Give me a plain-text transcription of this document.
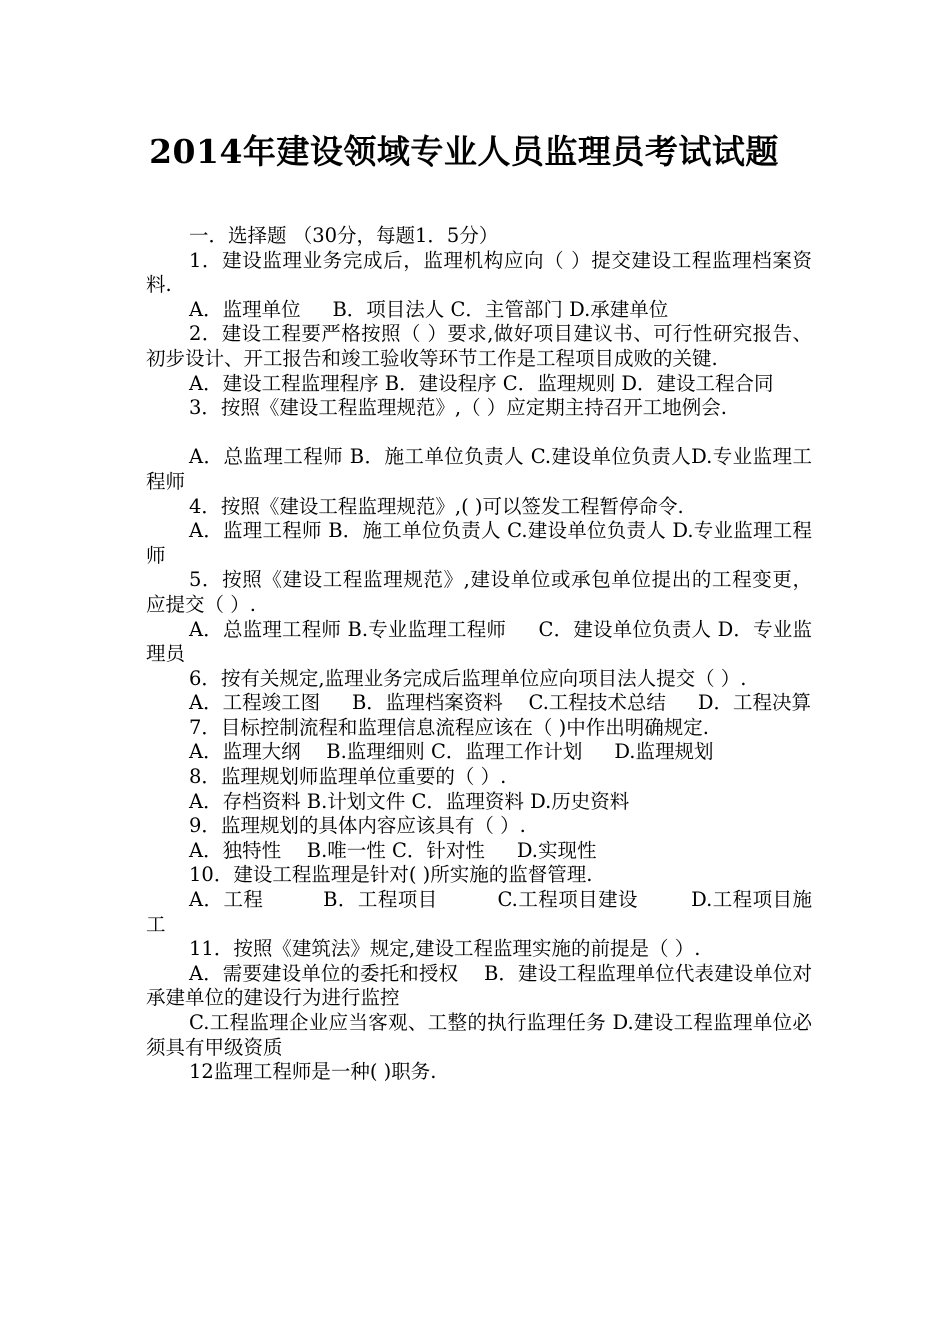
2014年建设领域专业人员监理员考试试题

一．选择题 （30分，每题1．5分）

1．建设监理业务完成后，监理机构应向（ ）提交建设工程监理档案资料.

A．监理单位 　 B．项目法人 C．主管部门 D.承建单位

2．建设工程要严格按照（ ）要求,做好项目建议书、可行性研究报告、初步设计、开工报告和竣工验收等环节工作是工程项目成败的关键.

A．建设工程监理程序 B．建设程序 C．监理规则 D．建设工程合同

3．按照《建设工程监理规范》,（ ）应定期主持召开工地例会.

A．总监理工程师 B．施工单位负责人 C.建设单位负责人D.专业监理工程师

4．按照《建设工程监理规范》,( )可以签发工程暂停命令.

A．监理工程师 B．施工单位负责人 C.建设单位负责人 D.专业监理工程师

5．按照《建设工程监理规范》,建设单位或承包单位提出的工程变更，应提交（ ）.

A．总监理工程师 B.专业监理工程师 　 C．建设单位负责人 D．专业监理员

6．按有关规定,监理业务完成后监理单位应向项目法人提交（ ）.

A．工程竣工图 　 B．监理档案资料 　C.工程技术总结 　 D．工程决算

7．目标控制流程和监理信息流程应该在（ )中作出明确规定.

A．监理大纲 　B.监理细则 C．监理工作计划 　 D.监理规划

8．监理规划师监理单位重要的（ ）.

A．存档资料 B.计划文件 C．监理资料 D.历史资料

9．监理规划的具体内容应该具有（ ）.

A．独特性 　B.唯一性 C．针对性 　 D.实现性

10．建设工程监理是针对( )所实施的监督管理.

A．工程 　 　 B．工程项目 　 　 C.工程项目建设 　 　D.工程项目施工

11．按照《建筑法》规定,建设工程监理实施的前提是（ ）.

A．需要建设单位的委托和授权 　B．建设工程监理单位代表建设单位对承建单位的建设行为进行监控

C.工程监理企业应当客观、工整的执行监理任务 D.建设工程监理单位必须具有甲级资质

12监理工程师是一种( )职务.
